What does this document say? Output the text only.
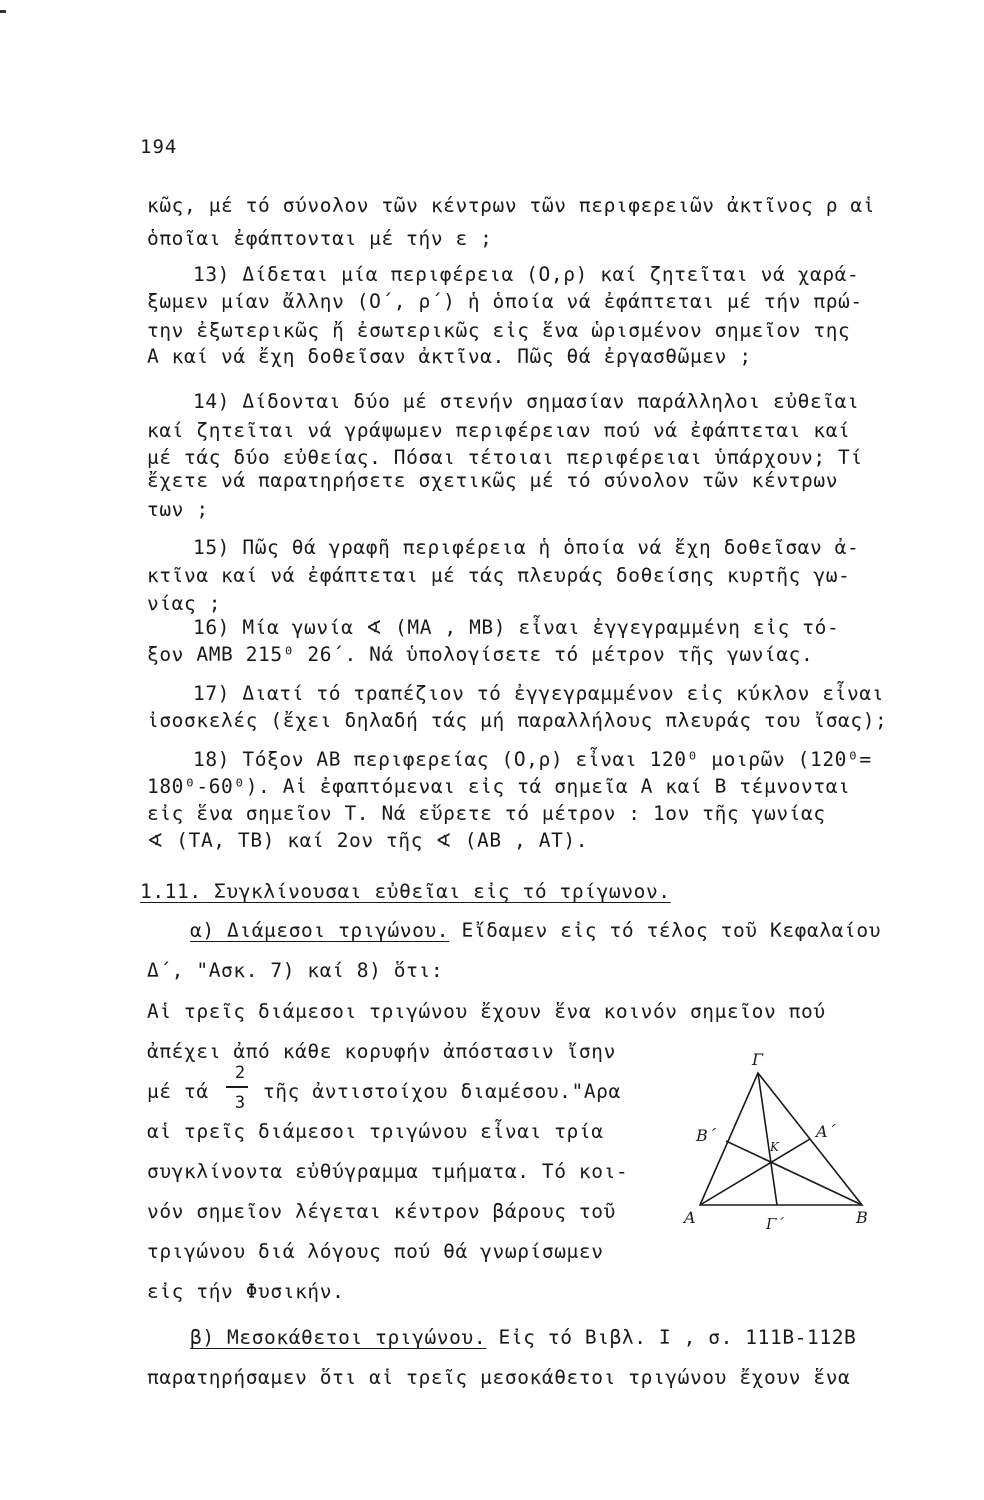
194
κῶς, μέ τό σύνολον τῶν κέντρων τῶν περιφερειῶν ἀκτῖνος ρ αἱ
ὁποῖαι ἐφάπτονται μέ τήν ε ;
13) Δίδεται μία περιφέρεια (Ο,ρ) καί ζητεῖται νά χαρά-
ξωμεν μίαν ἄλλην (Ο΄, ρ΄) ἡ ὁποία νά ἐφάπτεται μέ τήν πρώ-
την ἐξωτερικῶς ἤ ἐσωτερικῶς εἰς ἕνα ὡρισμένον σημεῖον της
Α καί νά ἔχη δοθεῖσαν ἀκτῖνα. Πῶς θά ἐργασθῶμεν ;
14) Δίδονται δύο μέ στενήν σημασίαν παράλληλοι εὐθεῖαι
καί ζητεῖται νά γράψωμεν περιφέρειαν πού νά ἐφάπτεται καί
μέ τάς δύο εὐθείας. Πόσαι τέτοιαι περιφέρειαι ὑπάρχουν; Τί
ἔχετε νά παρατηρήσετε σχετικῶς μέ τό σύνολον τῶν κέντρων
των ;
15) Πῶς θά γραφῆ περιφέρεια ἡ ὁποία νά ἔχη δοθεῖσαν ἀ-
κτῖνα καί νά ἐφάπτεται μέ τάς πλευράς δοθείσης κυρτῆς γω-
νίας ;
16) Μία γωνία ∢ (ΜΑ , ΜΒ) εἶναι ἐγγεγραμμένη εἰς τό-
ξον ΑΜΒ 215⁰ 26΄. Νά ὑπολογίσετε τό μέτρον τῆς γωνίας.
17) Διατί τό τραπέζιον τό ἐγγεγραμμένον εἰς κύκλον εἶναι
ἰσοσκελές (ἔχει δηλαδή τάς μή παραλλήλους πλευράς του ἴσας);
18) Τόξον ΑΒ περιφερείας (Ο,ρ) εἶναι 120⁰ μοιρῶν (120⁰=
180⁰-60⁰). Αἱ ἐφαπτόμεναι εἰς τά σημεῖα Α καί Β τέμνονται
εἰς ἕνα σημεῖον Τ. Νά εὕρετε τό μέτρον : 1ον τῆς γωνίας
∢ (ΤΑ, ΤΒ) καί 2ον τῆς ∢ (ΑΒ , ΑΤ).
1.11. Συγκλίνουσαι εὐθεῖαι εἰς τό τρίγωνον.
α) Διάμεσοι τριγώνου. Εἴδαμεν εἰς τό τέλος τοῦ Κεφαλαίου
Δ΄, "Ασκ. 7) καί 8) ὅτι:
Αἱ τρεῖς διάμεσοι τριγώνου ἔχουν ἕνα κοινόν σημεῖον πού
ἀπέχει ἀπό κάθε κορυφήν ἀπόστασιν ἴσην
μέ τά
2
3 τῆς ἀντιστοίχου διαμέσου."Αρα
αἱ τρεῖς διάμεσοι τριγώνου εἶναι τρία
συγκλίνοντα εὐθύγραμμα τμήματα. Τό κοι-
νόν σημεῖον λέγεται κέντρον βάρους τοῦ
τριγώνου διά λόγους πού θά γνωρίσωμεν
εἰς τήν Φυσικήν.
β) Μεσοκάθετοι τριγώνου. Εἰς τό Βιβλ. Ι , σ. 111Β-112Β
παρατηρήσαμεν ὅτι αἱ τρεῖς μεσοκάθετοι τριγώνου ἔχουν ἕνα
Γ
Α	Β
Α΄
Β΄
Γ΄
Κ
